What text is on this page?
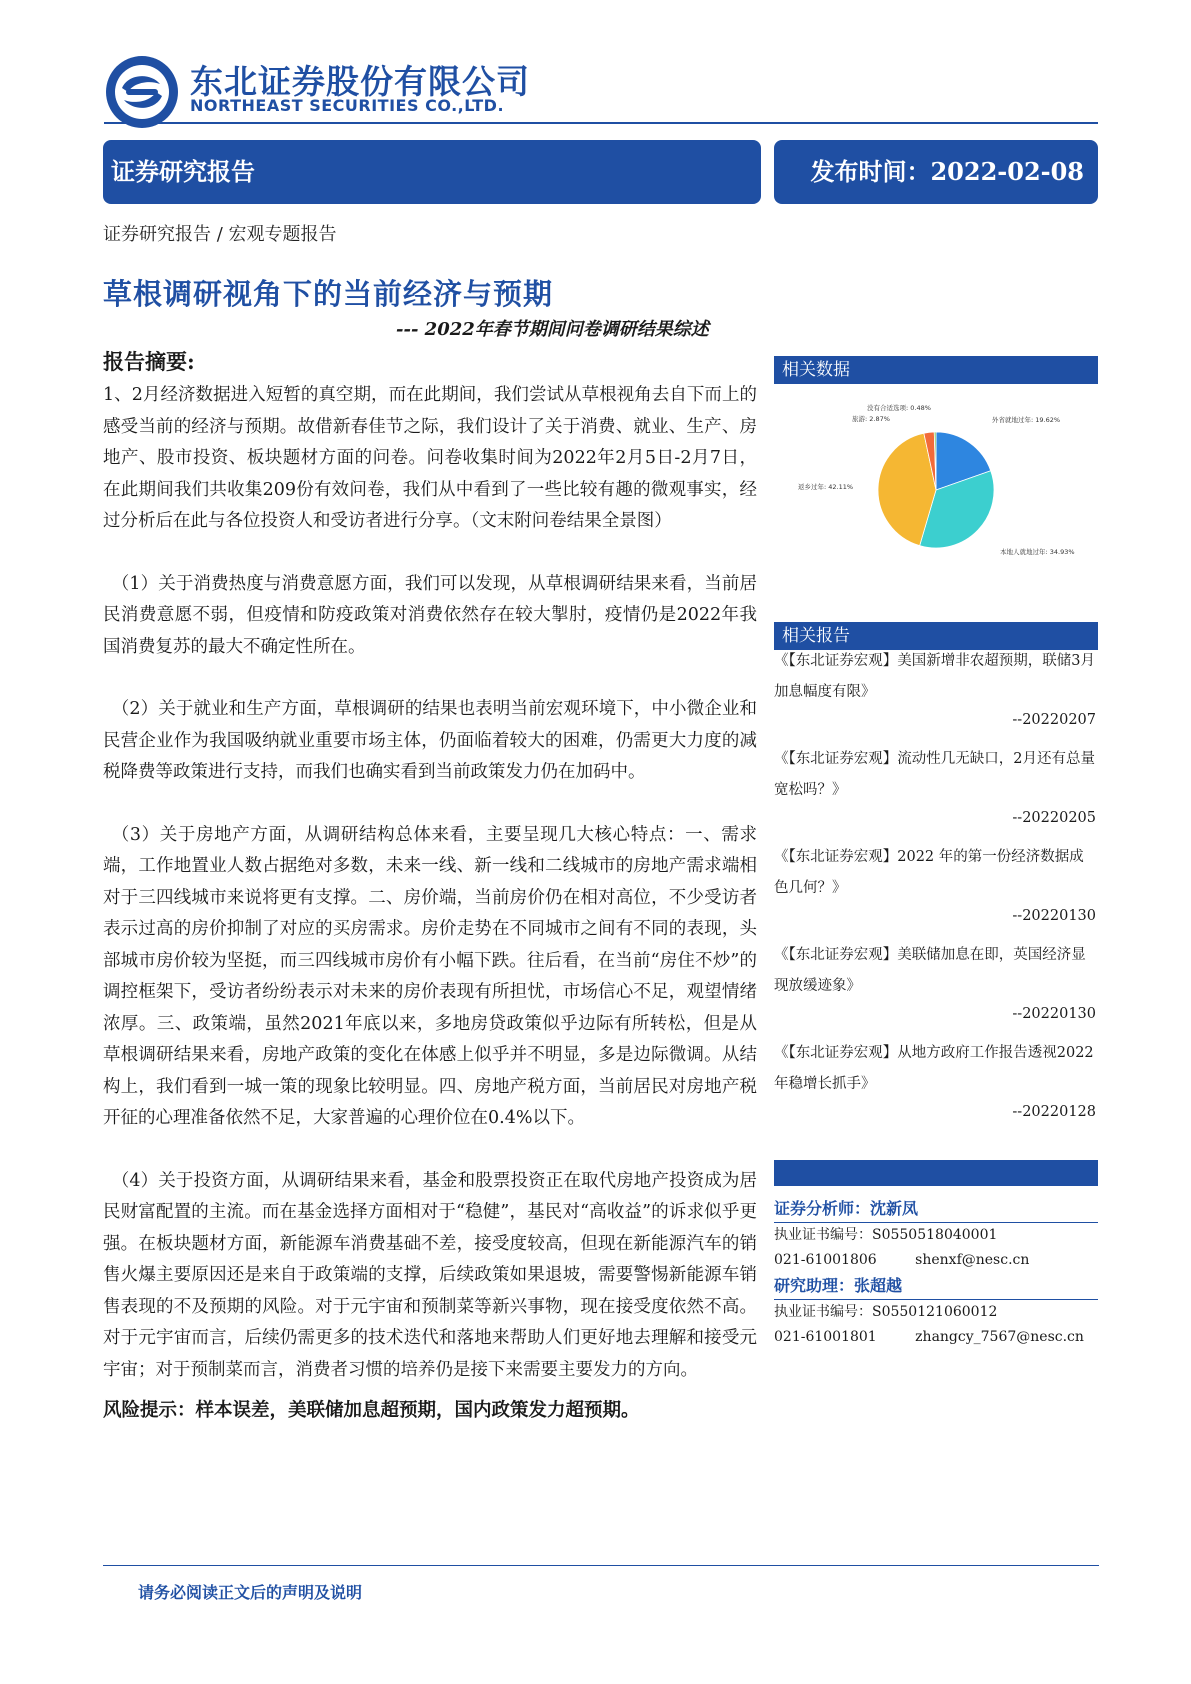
东北证券股份有限公司
NORTHEAST SECURITIES CO.,LTD.
证券研究报告	发布时间：2022-02-08
证券研究报告 / 宏观专题报告
草根调研视角下的当前经济与预期
--- 2022年春节期间问卷调研结果综述
报告摘要:

1、2月经济数据进入短暂的真空期，而在此期间，我们尝试从草根视角去自下而上的感受当前的经济与预期。故借新春佳节之际，我们设计了关于消费、就业、生产、房地产、股市投资、板块题材方面的问卷。问卷收集时间为2022年2月5日-2月7日，在此期间我们共收集209份有效问卷，我们从中看到了一些比较有趣的微观事实，经过分析后在此与各位投资人和受访者进行分享。（文末附问卷结果全景图）

（1）关于消费热度与消费意愿方面，我们可以发现，从草根调研结果来看，当前居民消费意愿不弱，但疫情和防疫政策对消费依然存在较大掣肘，疫情仍是2022年我国消费复苏的最大不确定性所在。

（2）关于就业和生产方面，草根调研的结果也表明当前宏观环境下，中小微企业和民营企业作为我国吸纳就业重要市场主体，仍面临着较大的困难，仍需更大力度的减税降费等政策进行支持，而我们也确实看到当前政策发力仍在加码中。

（3）关于房地产方面，从调研结构总体来看，主要呈现几大核心特点：一、需求端，工作地置业人数占据绝对多数，未来一线、新一线和二线城市的房地产需求端相对于三四线城市来说将更有支撑。二、房价端，当前房价仍在相对高位，不少受访者表示过高的房价抑制了对应的买房需求。房价走势在不同城市之间有不同的表现，头部城市房价较为坚挺，而三四线城市房价有小幅下跌。往后看，在当前“房住不炒”的调控框架下，受访者纷纷表示对未来的房价表现有所担忧，市场信心不足，观望情绪浓厚。三、政策端，虽然2021年底以来，多地房贷政策似乎边际有所转松，但是从草根调研结果来看，房地产政策的变化在体感上似乎并不明显，多是边际微调。从结构上，我们看到一城一策的现象比较明显。四、房地产税方面，当前居民对房地产税开征的心理准备依然不足，大家普遍的心理价位在0.4%以下。

（4）关于投资方面，从调研结果来看，基金和股票投资正在取代房地产投资成为居民财富配置的主流。而在基金选择方面相对于“稳健”，基民对“高收益”的诉求似乎更强。在板块题材方面，新能源车消费基础不差，接受度较高，但现在新能源汽车的销售火爆主要原因还是来自于政策端的支撑，后续政策如果退坡，需要警惕新能源车销售表现的不及预期的风险。对于元宇宙和预制菜等新兴事物，现在接受度依然不高。对于元宇宙而言，后续仍需更多的技术迭代和落地来帮助人们更好地去理解和接受元宇宙；对于预制菜而言，消费者习惯的培养仍是接下来需要主要发力的方向。

风险提示：样本误差，美联储加息超预期，国内政策发力超预期。
相关数据
没有合适选项: 0.48%
旅游: 2.87%	外省就地过年: 19.62%
返乡过年: 42.11%
本地人就地过年: 34.93%
相关报告
《【东北证券宏观】美国新增非农超预期，联储3月加息幅度有限》
--20220207
《【东北证券宏观】流动性几无缺口，2月还有总量宽松吗？》
--20220205
《【东北证券宏观】2022 年的第一份经济数据成色几何？》
--20220130
《【东北证券宏观】美联储加息在即，英国经济显现放缓迹象》
--20220130
《【东北证券宏观】从地方政府工作报告透视2022年稳增长抓手》
--20220128
证券分析师：沈新凤
执业证书编号：S0550518040001
021-61001806	shenxf@nesc.cn
研究助理：张超越
执业证书编号：S0550121060012
021-61001801	zhangcy_7567@nesc.cn
请务必阅读正文后的声明及说明
